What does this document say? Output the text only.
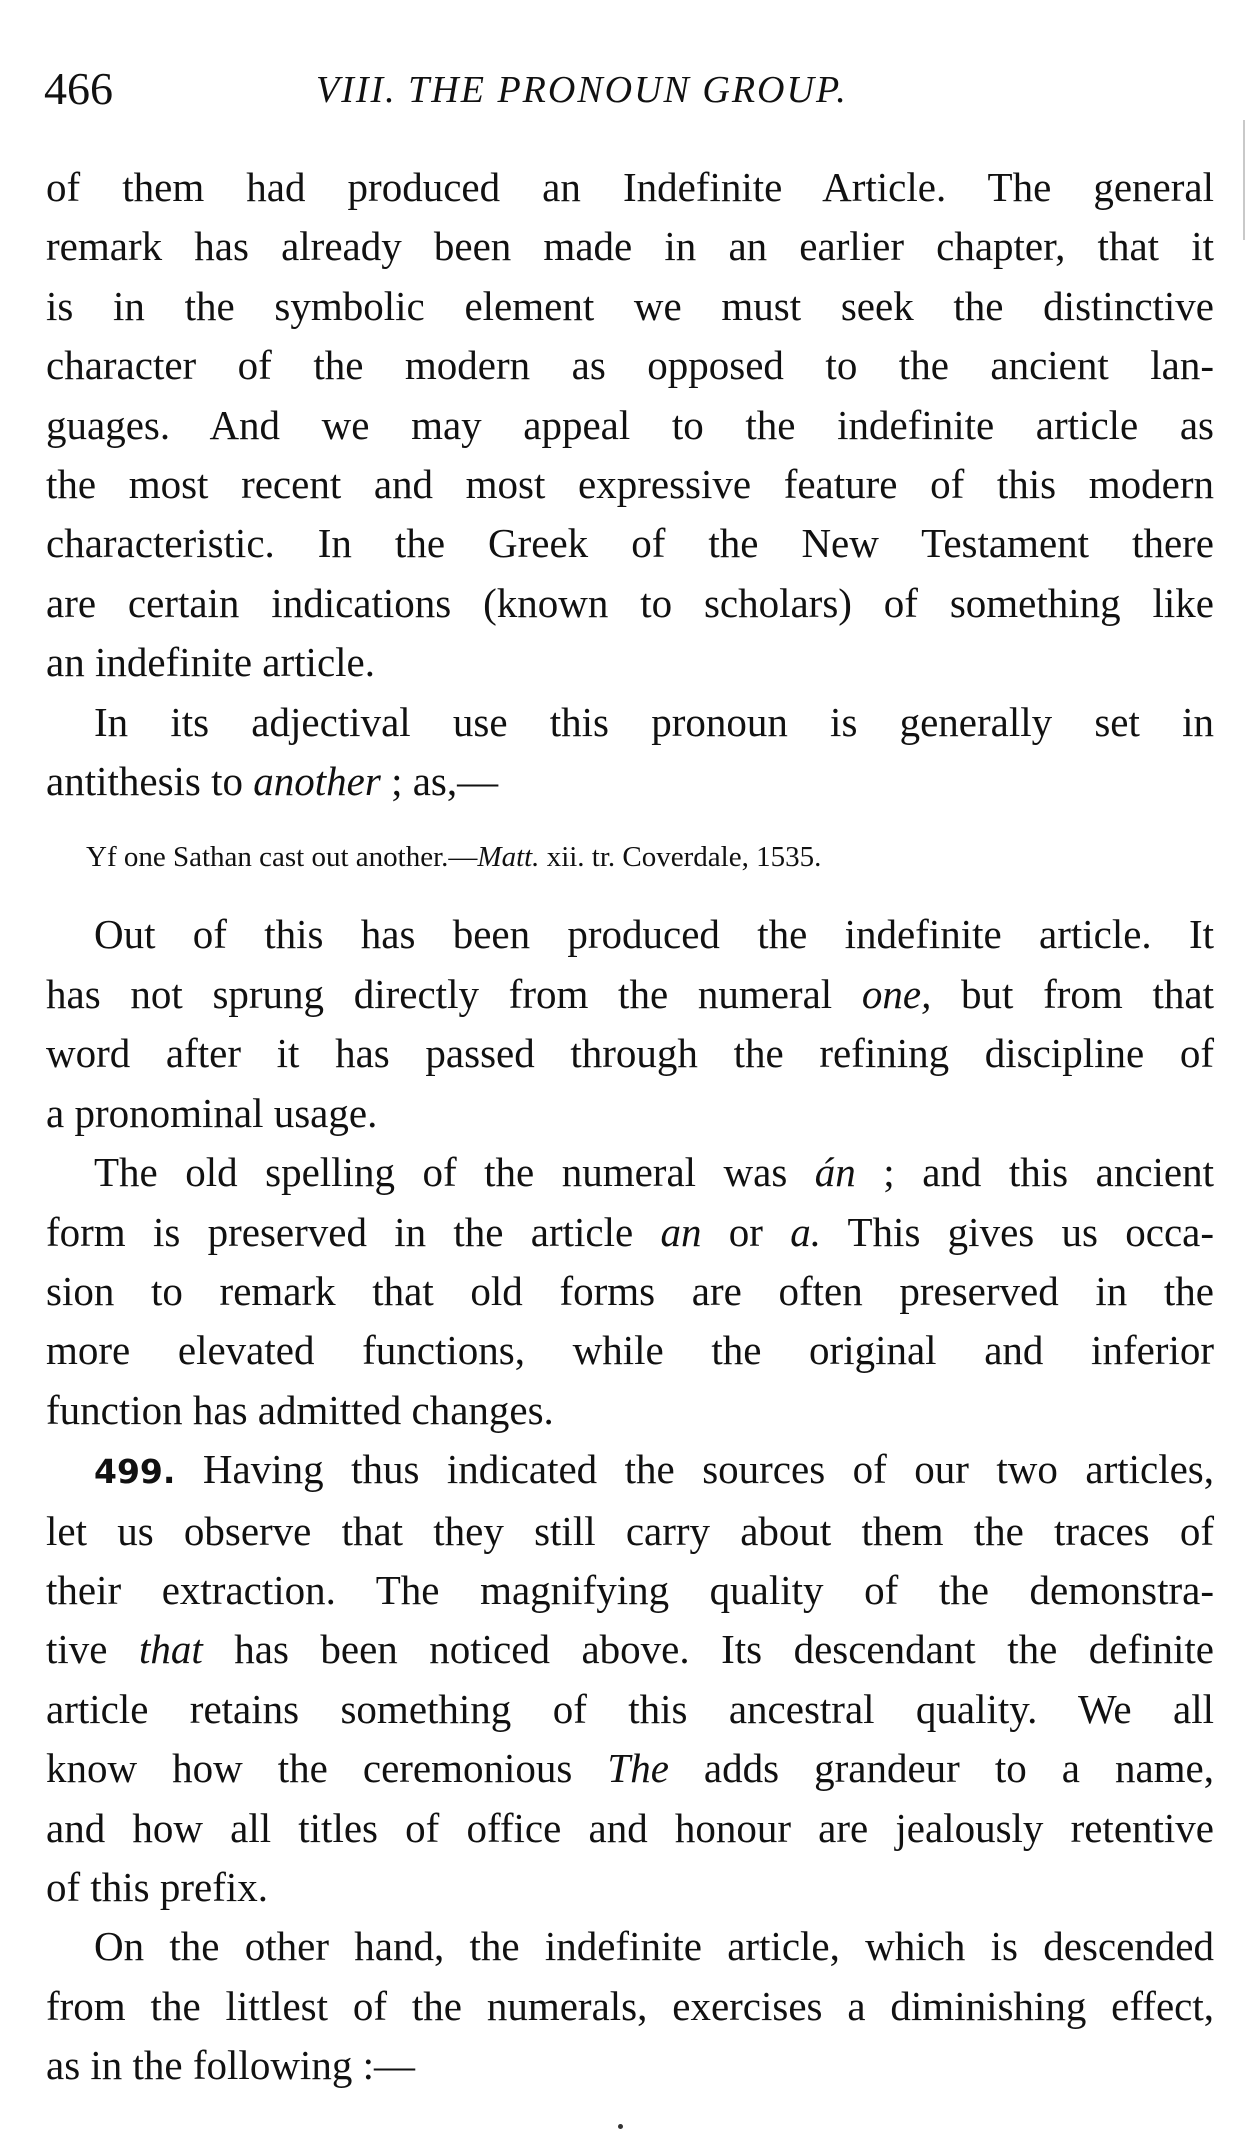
466	VIII. THE PRONOUN GROUP.

of them had produced an Indefinite Article. The general
remark has already been made in an earlier chapter, that it
is in the symbolic element we must seek the distinctive
character of the modern as opposed to the ancient lan-
guages. And we may appeal to the indefinite article as
the most recent and most expressive feature of this modern
characteristic. In the Greek of the New Testament there
are certain indications (known to scholars) of something like
an indefinite article.

In its adjectival use this pronoun is generally set in
antithesis to another ; as,—

Yf one Sathan cast out another.—Matt. xii. tr. Coverdale, 1535.

Out of this has been produced the indefinite article. It
has not sprung directly from the numeral one, but from that
word after it has passed through the refining discipline of
a pronominal usage.

The old spelling of the numeral was án ; and this ancient
form is preserved in the article an or a. This gives us occa-
sion to remark that old forms are often preserved in the
more elevated functions, while the original and inferior
function has admitted changes.

499. Having thus indicated the sources of our two articles,
let us observe that they still carry about them the traces of
their extraction. The magnifying quality of the demonstra-
tive that has been noticed above. Its descendant the definite
article retains something of this ancestral quality. We all
know how the ceremonious The adds grandeur to a name,
and how all titles of office and honour are jealously retentive
of this prefix.

On the other hand, the indefinite article, which is descended
from the littlest of the numerals, exercises a diminishing effect,
as in the following :—
